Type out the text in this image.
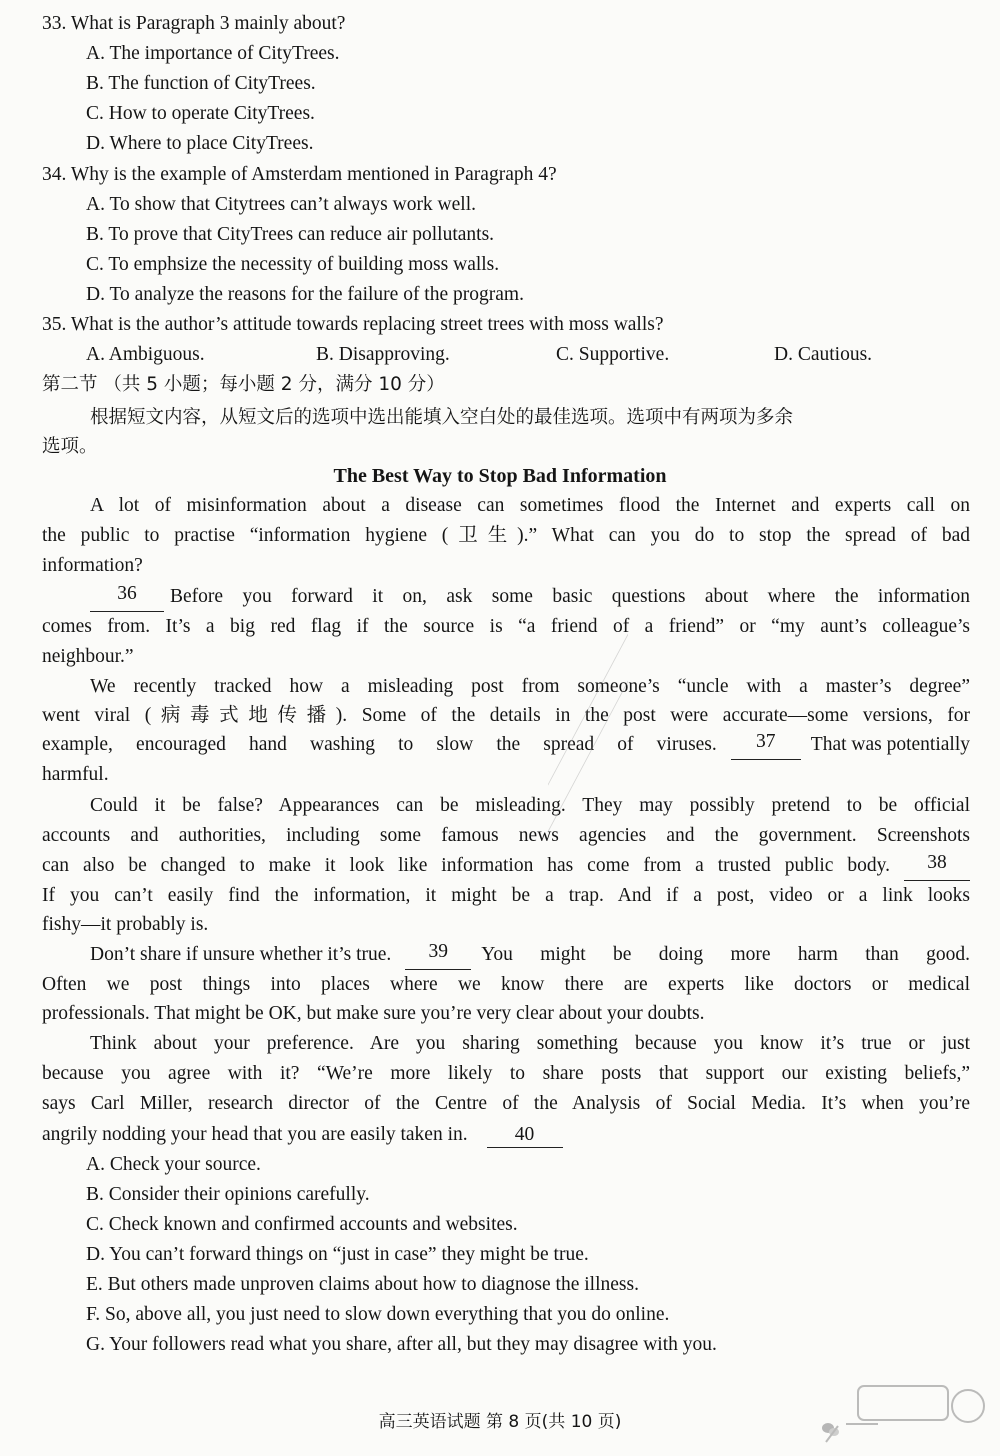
33. What is Paragraph 3 mainly about?
A. The importance of CityTrees.
B. The function of CityTrees.
C. How to operate CityTrees.
D. Where to place CityTrees.
34. Why is the example of Amsterdam mentioned in Paragraph 4?
A. To show that Citytrees can’t always work well.
B. To prove that CityTrees can reduce air pollutants.
C. To emphsize the necessity of building moss walls.
D. To analyze the reasons for the failure of the program.
35. What is the author’s attitude towards replacing street trees with moss walls?
A. Ambiguous.	B. Disapproving.	C. Supportive.	D. Cautious.
第二节 （共 5 小题；每小题 2 分，满分 10 分）
根据短文内容，从短文后的选项中选出能填入空白处的最佳选项。选项中有两项为多余
选项。
The Best Way to Stop Bad Information
A lot of misinformation about a disease can sometimes flood the Internet and experts call on
the public to practise “information hygiene (卫生).” What can you do to stop the spread of bad
information?
36	Before you forward it on, ask some basic questions about where the information
comes from. It’s a big red flag if the source is “a friend of a friend” or “my aunt’s colleague’s
neighbour.”
We recently tracked how a misleading post from someone’s “uncle with a master’s degree”
went viral (病毒式地传播). Some of the details in the post were accurate—some versions, for
example, encouraged hand washing to slow the spread of viruses.	37	That was potentially
harmful.
Could it be false? Appearances can be misleading. They may possibly pretend to be official
accounts and authorities, including some famous news agencies and the government. Screenshots
can also be changed to make it look like information has come from a trusted public body.	38
If you can’t easily find the information, it might be a trap. And if a post, video or a link looks
fishy—it probably is.
Don’t share if unsure whether it’s true.	39	You might be doing more harm than good.
Often we post things into places where we know there are experts like doctors or medical
professionals. That might be OK, but make sure you’re very clear about your doubts.
Think about your preference. Are you sharing something because you know it’s true or just
because you agree with it? “We’re more likely to share posts that support our existing beliefs,”
says Carl Miller, research director of the Centre of the Analysis of Social Media. It’s when you’re
angrily nodding your head that you are easily taken in. 40
A. Check your source.
B. Consider their opinions carefully.
C. Check known and confirmed accounts and websites.
D. You can’t forward things on “just in case” they might be true.
E. But others made unproven claims about how to diagnose the illness.
F. So, above all, you just need to slow down everything that you do online.
G. Your followers read what you share, after all, but they may disagree with you.
高三英语试题 第 8 页(共 10 页)
